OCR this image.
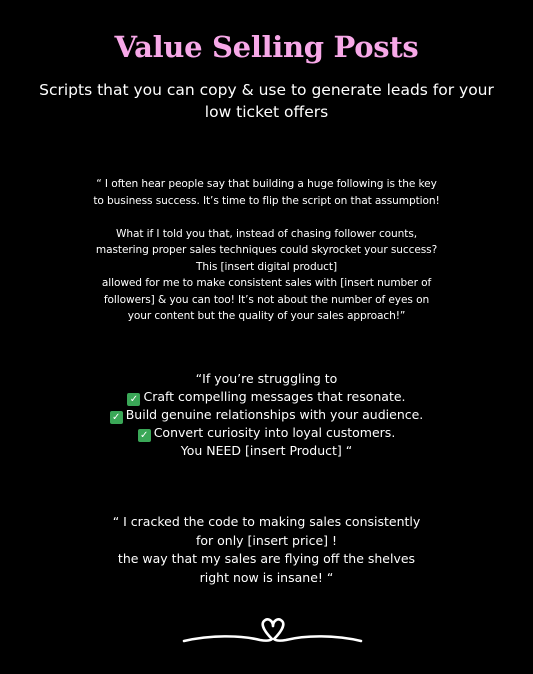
Value Selling Posts

Scripts that you can copy & use to generate leads for your low ticket offers

“ I often hear people say that building a huge following is the key

to business success. It’s time to flip the script on that assumption!

What if I told you that, instead of chasing follower counts,

mastering proper sales techniques could skyrocket your success?

This [insert digital product]

allowed for me to make consistent sales with [insert number of

followers] & you can too! It’s not about the number of eyes on

your content but the quality of your sales approach!”

“If you’re struggling to

✓ Craft compelling messages that resonate.

✓ Build genuine relationships with your audience.

✓ Convert curiosity into loyal customers.

You NEED [insert Product] “

“ I cracked the code to making sales consistently

for only [insert price] !

the way that my sales are flying off the shelves

right now is insane! “
